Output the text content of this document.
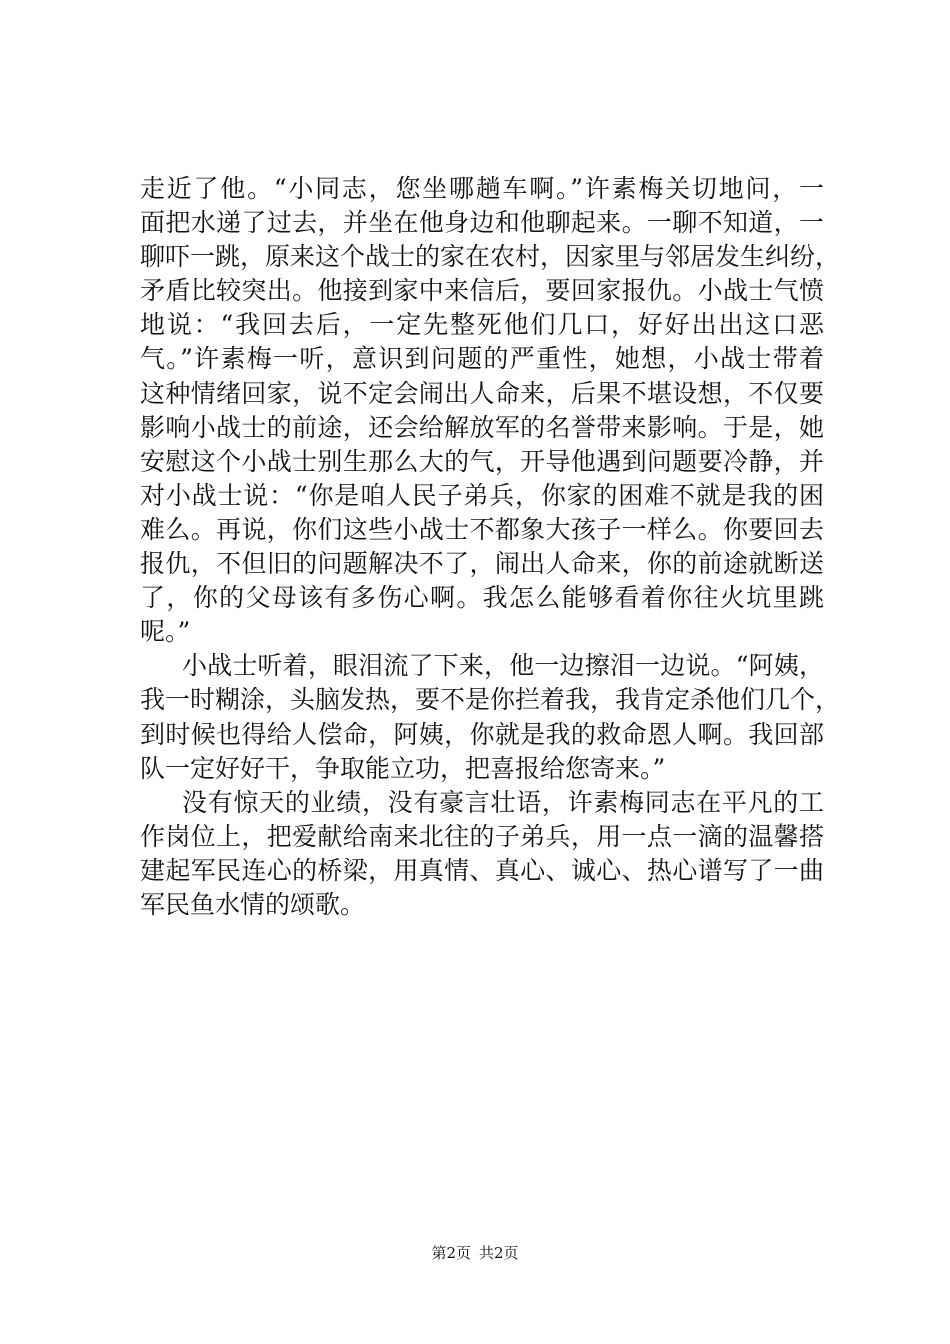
走近了他。“小同志，您坐哪趟车啊。”许素梅关切地问，一
面把水递了过去，并坐在他身边和他聊起来。一聊不知道，一
聊吓一跳，原来这个战士的家在农村，因家里与邻居发生纠纷，
矛盾比较突出。他接到家中来信后，要回家报仇。小战士气愤
地说：“我回去后，一定先整死他们几口，好好出出这口恶
气。”许素梅一听，意识到问题的严重性，她想，小战士带着
这种情绪回家，说不定会闹出人命来，后果不堪设想，不仅要
影响小战士的前途，还会给解放军的名誉带来影响。于是，她
安慰这个小战士别生那么大的气，开导他遇到问题要冷静，并
对小战士说：“你是咱人民子弟兵，你家的困难不就是我的困
难么。再说，你们这些小战士不都象大孩子一样么。你要回去
报仇，不但旧的问题解决不了，闹出人命来，你的前途就断送
了，你的父母该有多伤心啊。我怎么能够看着你往火坑里跳
呢。”
小战士听着，眼泪流了下来，他一边擦泪一边说。“阿姨，
我一时糊涂，头脑发热，要不是你拦着我，我肯定杀他们几个，
到时候也得给人偿命，阿姨，你就是我的救命恩人啊。我回部
队一定好好干，争取能立功，把喜报给您寄来。”
没有惊天的业绩，没有豪言壮语，许素梅同志在平凡的工
作岗位上，把爱献给南来北往的子弟兵，用一点一滴的温馨搭
建起军民连心的桥梁，用真情、真心、诚心、热心谱写了一曲
军民鱼水情的颂歌。
第2页 共2页
